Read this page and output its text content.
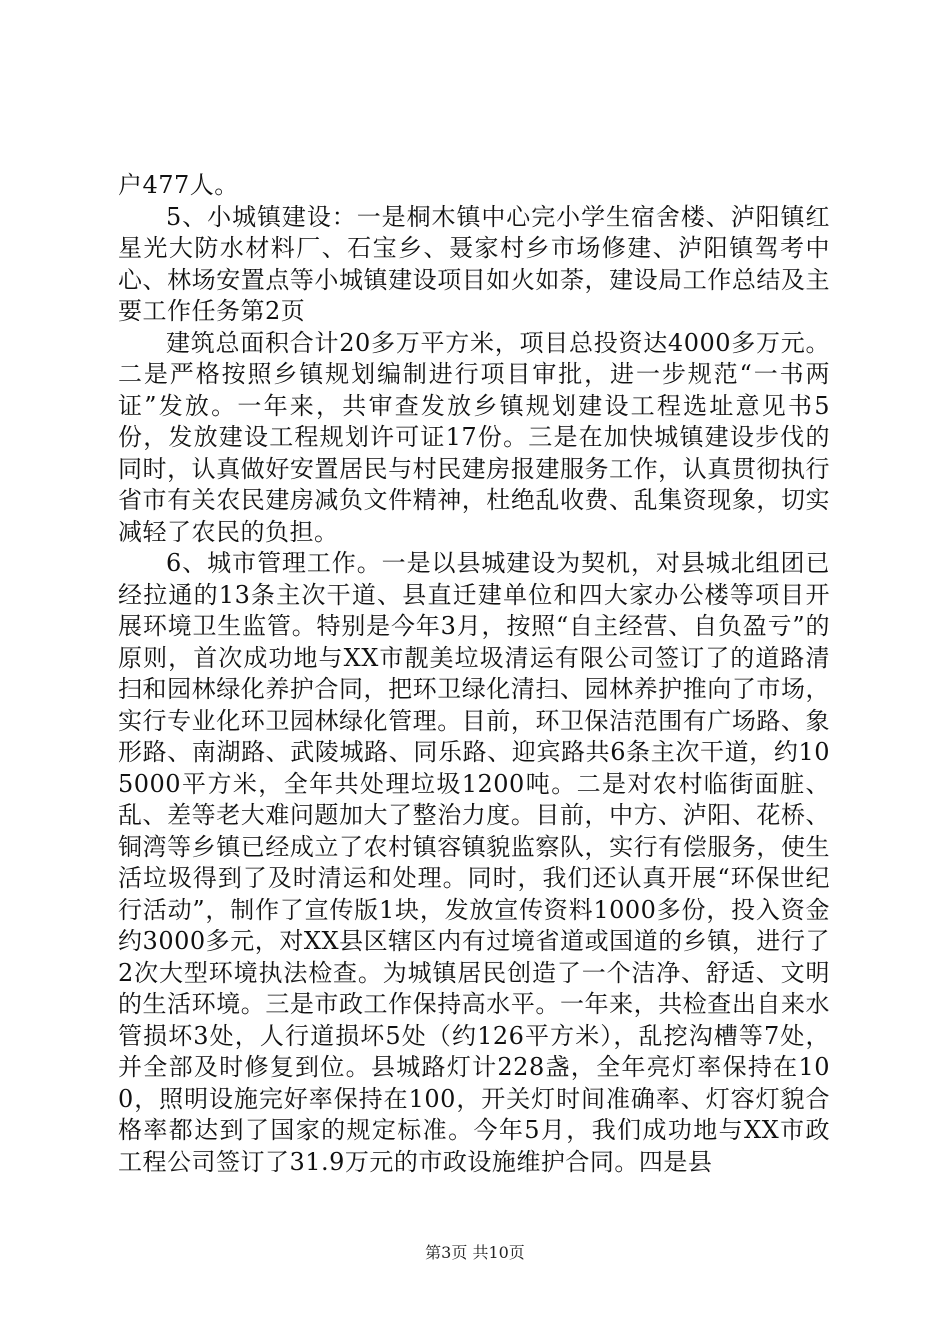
户477人。

5、小城镇建设：一是桐木镇中心完小学生宿舍楼、泸阳镇红星光大防水材料厂、石宝乡、聂家村乡市场修建、泸阳镇驾考中心、林场安置点等小城镇建设项目如火如荼，建设局工作总结及主要工作任务第2页

建筑总面积合计20多万平方米，项目总投资达4000多万元。二是严格按照乡镇规划编制进行项目审批，进一步规范“一书两证”发放。一年来，共审查发放乡镇规划建设工程选址意见书5份，发放建设工程规划许可证17份。三是在加快城镇建设步伐的同时，认真做好安置居民与村民建房报建服务工作，认真贯彻执行省市有关农民建房减负文件精神，杜绝乱收费、乱集资现象，切实减轻了农民的负担。

6、城市管理工作。一是以县城建设为契机，对县城北组团已经拉通的13条主次干道、县直迁建单位和四大家办公楼等项目开展环境卫生监管。特别是今年3月，按照“自主经营、自负盈亏”的原则，首次成功地与XX市靓美垃圾清运有限公司签订了的道路清扫和园林绿化养护合同，把环卫绿化清扫、园林养护推向了市场，实行专业化环卫园林绿化管理。目前，环卫保洁范围有广场路、象形路、南湖路、武陵城路、同乐路、迎宾路共6条主次干道，约105000平方米，全年共处理垃圾1200吨。二是对农村临街面脏、乱、差等老大难问题加大了整治力度。目前，中方、泸阳、花桥、铜湾等乡镇已经成立了农村镇容镇貌监察队，实行有偿服务，使生活垃圾得到了及时清运和处理。同时，我们还认真开展“环保世纪行活动”，制作了宣传版1块，发放宣传资料1000多份，投入资金约3000多元，对XX县区辖区内有过境省道或国道的乡镇，进行了2次大型环境执法检查。为城镇居民创造了一个洁净、舒适、文明的生活环境。三是市政工作保持高水平。一年来，共检查出自来水管损坏3处，人行道损坏5处（约126平方米），乱挖沟槽等7处，并全部及时修复到位。县城路灯计228盏，全年亮灯率保持在100，照明设施完好率保持在100，开关灯时间准确率、灯容灯貌合格率都达到了国家的规定标准。今年5月，我们成功地与XX市政工程公司签订了31.9万元的市政设施维护合同。四是县

第3页 共10页
